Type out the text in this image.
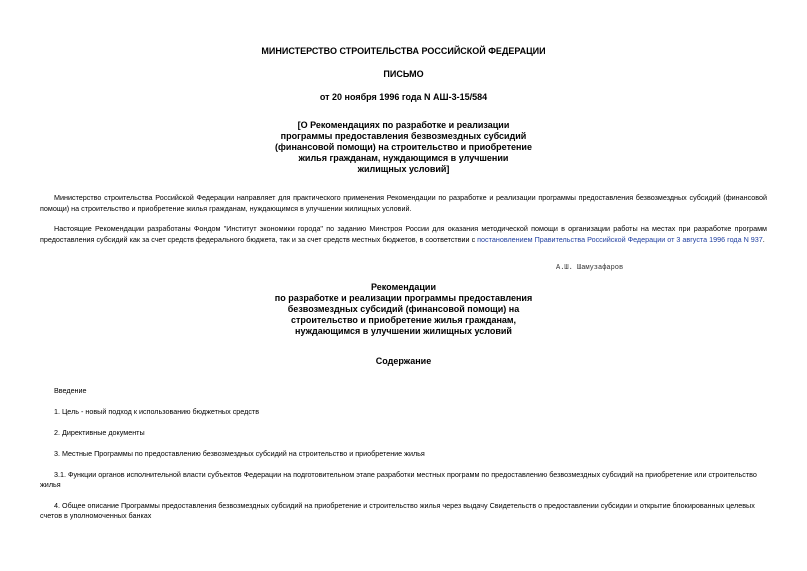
МИНИСТЕРСТВО СТРОИТЕЛЬСТВА РОССИЙСКОЙ ФЕДЕРАЦИИ
ПИСЬМО
от 20 ноября 1996 года N АШ-3-15/584
[О Рекомендациях по разработке и реализации
программы предоставления безвозмездных субсидий
(финансовой помощи) на строительство и приобретение
жилья гражданам, нуждающимся в улучшении
жилищных условий]
Министерство строительства Российской Федерации направляет для практического применения Рекомендации по разработке и реализации программы предоставления безвозмездных субсидий (финансовой помощи) на строительство и приобретение жилья гражданам, нуждающимся в улучшении жилищных условий.
Настоящие Рекомендации разработаны Фондом "Институт экономики города" по заданию Минстроя России для оказания методической помощи в организации работы на местах при разработке программ предоставления субсидий как за счет средств федерального бюджета, так и за счет средств местных бюджетов, в соответствии с постановлением Правительства Российской Федерации от 3 августа 1996 года N 937.
А.Ш. Шамузафаров
Рекомендации
по разработке и реализации программы предоставления
безвозмездных субсидий (финансовой помощи) на
строительство и приобретение жилья гражданам,
нуждающимся в улучшении жилищных условий
Содержание
Введение
1. Цель - новый подход к использованию бюджетных средств
2. Директивные документы
3. Местные Программы по предоставлению безвозмездных субсидий на строительство и приобретение жилья
3.1. Функции органов исполнительной власти субъектов Федерации на подготовительном этапе разработки местных программ по предоставлению безвозмездных субсидий на приобретение или строительство жилья
4. Общее описание Программы предоставления безвозмездных субсидий на приобретение и строительство жилья через выдачу Свидетельств о предоставлении субсидии и открытие блокированных целевых счетов в уполномоченных банках
